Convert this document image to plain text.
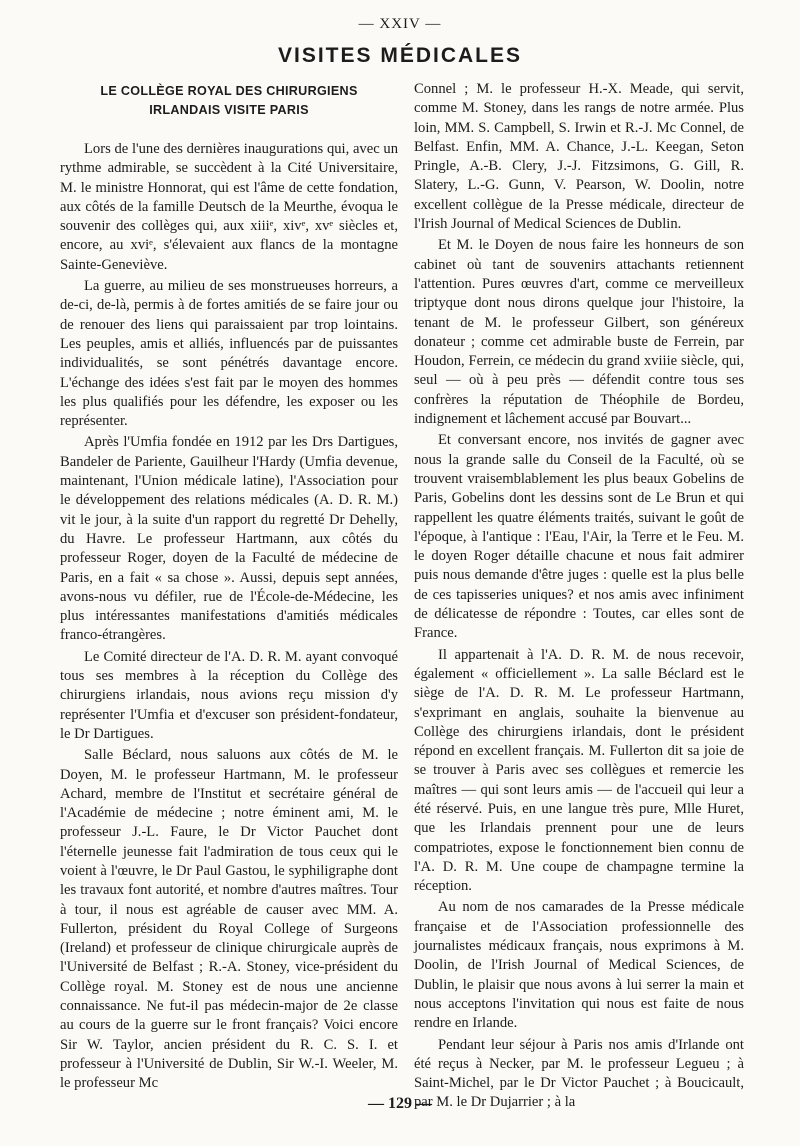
— XXIV —
VISITES MÉDICALES
LE COLLÈGE ROYAL DES CHIRURGIENS
IRLANDAIS VISITE PARIS

Lors de l'une des dernières inaugurations qui, avec un rythme admirable, se succèdent à la Cité Universitaire, M. le ministre Honnorat, qui est l'âme de cette fondation, aux côtés de la famille Deutsch de la Meurthe, évoqua le souvenir des collèges qui, aux xiiiᵉ, xivᵉ, xvᵉ siècles et, encore, au xviᵉ, s'élevaient aux flancs de la montagne Sainte-Geneviève.

La guerre, au milieu de ses monstrueuses horreurs, a de-ci, de-là, permis à de fortes amitiés de se faire jour ou de renouer des liens qui paraissaient par trop lointains. Les peuples, amis et alliés, influencés par de puissantes individualités, se sont pénétrés davantage encore. L'échange des idées s'est fait par le moyen des hommes les plus qualifiés pour les défendre, les exposer ou les représenter.

Après l'Umfia fondée en 1912 par les Drs Dartigues, Bandeler de Pariente, Gauilheur l'Hardy (Umfia devenue, maintenant, l'Union médicale latine), l'Association pour le développement des relations médicales (A. D. R. M.) vit le jour, à la suite d'un rapport du regretté Dr Dehelly, du Havre. Le professeur Hartmann, aux côtés du professeur Roger, doyen de la Faculté de médecine de Paris, en a fait « sa chose ». Aussi, depuis sept années, avons-nous vu défiler, rue de l'École-de-Médecine, les plus intéressantes manifestations d'amitiés médicales franco-étrangères.

Le Comité directeur de l'A. D. R. M. ayant convoqué tous ses membres à la réception du Collège des chirurgiens irlandais, nous avions reçu mission d'y représenter l'Umfia et d'excuser son président-fondateur, le Dr Dartigues.

Salle Béclard, nous saluons aux côtés de M. le Doyen, M. le professeur Hartmann, M. le professeur Achard, membre de l'Institut et secrétaire général de l'Académie de médecine ; notre éminent ami, M. le professeur J.-L. Faure, le Dr Victor Pauchet dont l'éternelle jeunesse fait l'admiration de tous ceux qui le voient à l'œuvre, le Dr Paul Gastou, le syphiligraphe dont les travaux font autorité, et nombre d'autres maîtres. Tour à tour, il nous est agréable de causer avec MM. A. Fullerton, président du Royal College of Surgeons (Ireland) et professeur de clinique chirurgicale auprès de l'Université de Belfast ; R.-A. Stoney, vice-président du Collège royal. M. Stoney est de nous une ancienne connaissance. Ne fut-il pas médecin-major de 2e classe au cours de la guerre sur le front français? Voici encore Sir W. Taylor, ancien président du R. C. S. I. et professeur à l'Université de Dublin, Sir W.-I. Weeler, M. le professeur Mc

Connel ; M. le professeur H.-X. Meade, qui servit, comme M. Stoney, dans les rangs de notre armée. Plus loin, MM. S. Campbell, S. Irwin et R.-J. Mc Connel, de Belfast. Enfin, MM. A. Chance, J.-L. Keegan, Seton Pringle, A.-B. Clery, J.-J. Fitzsimons, G. Gill, R. Slatery, L.-G. Gunn, V. Pearson, W. Doolin, notre excellent collègue de la Presse médicale, directeur de l'Irish Journal of Medical Sciences de Dublin.

Et M. le Doyen de nous faire les honneurs de son cabinet où tant de souvenirs attachants retiennent l'attention. Pures œuvres d'art, comme ce merveilleux triptyque dont nous dirons quelque jour l'histoire, la tenant de M. le professeur Gilbert, son généreux donateur ; comme cet admirable buste de Ferrein, par Houdon, Ferrein, ce médecin du grand xviiie siècle, qui, seul — où à peu près — défendit contre tous ses confrères la réputation de Théophile de Bordeu, indignement et lâchement accusé par Bouvart...

Et conversant encore, nos invités de gagner avec nous la grande salle du Conseil de la Faculté, où se trouvent vraisemblablement les plus beaux Gobelins de Paris, Gobelins dont les dessins sont de Le Brun et qui rappellent les quatre éléments traités, suivant le goût de l'époque, à l'antique : l'Eau, l'Air, la Terre et le Feu. M. le doyen Roger détaille chacune et nous fait admirer puis nous demande d'être juges : quelle est la plus belle de ces tapisseries uniques? et nos amis avec infiniment de délicatesse de répondre : Toutes, car elles sont de France.

Il appartenait à l'A. D. R. M. de nous recevoir, également « officiellement ». La salle Béclard est le siège de l'A. D. R. M. Le professeur Hartmann, s'exprimant en anglais, souhaite la bienvenue au Collège des chirurgiens irlandais, dont le président répond en excellent français. M. Fullerton dit sa joie de se trouver à Paris avec ses collègues et remercie les maîtres — qui sont leurs amis — de l'accueil qui leur a été réservé. Puis, en une langue très pure, Mlle Huret, que les Irlandais prennent pour une de leurs compatriotes, expose le fonctionnement bien connu de l'A. D. R. M. Une coupe de champagne termine la réception.

Au nom de nos camarades de la Presse médicale française et de l'Association professionnelle des journalistes médicaux français, nous exprimons à M. Doolin, de l'Irish Journal of Medical Sciences, de Dublin, le plaisir que nous avons à lui serrer la main et nous acceptons l'invitation qui nous est faite de nous rendre en Irlande.

Pendant leur séjour à Paris nos amis d'Irlande ont été reçus à Necker, par M. le professeur Legueu ; à Saint-Michel, par le Dr Victor Pauchet ; à Boucicault, par M. le Dr Dujarrier ; à la

— 129 —
